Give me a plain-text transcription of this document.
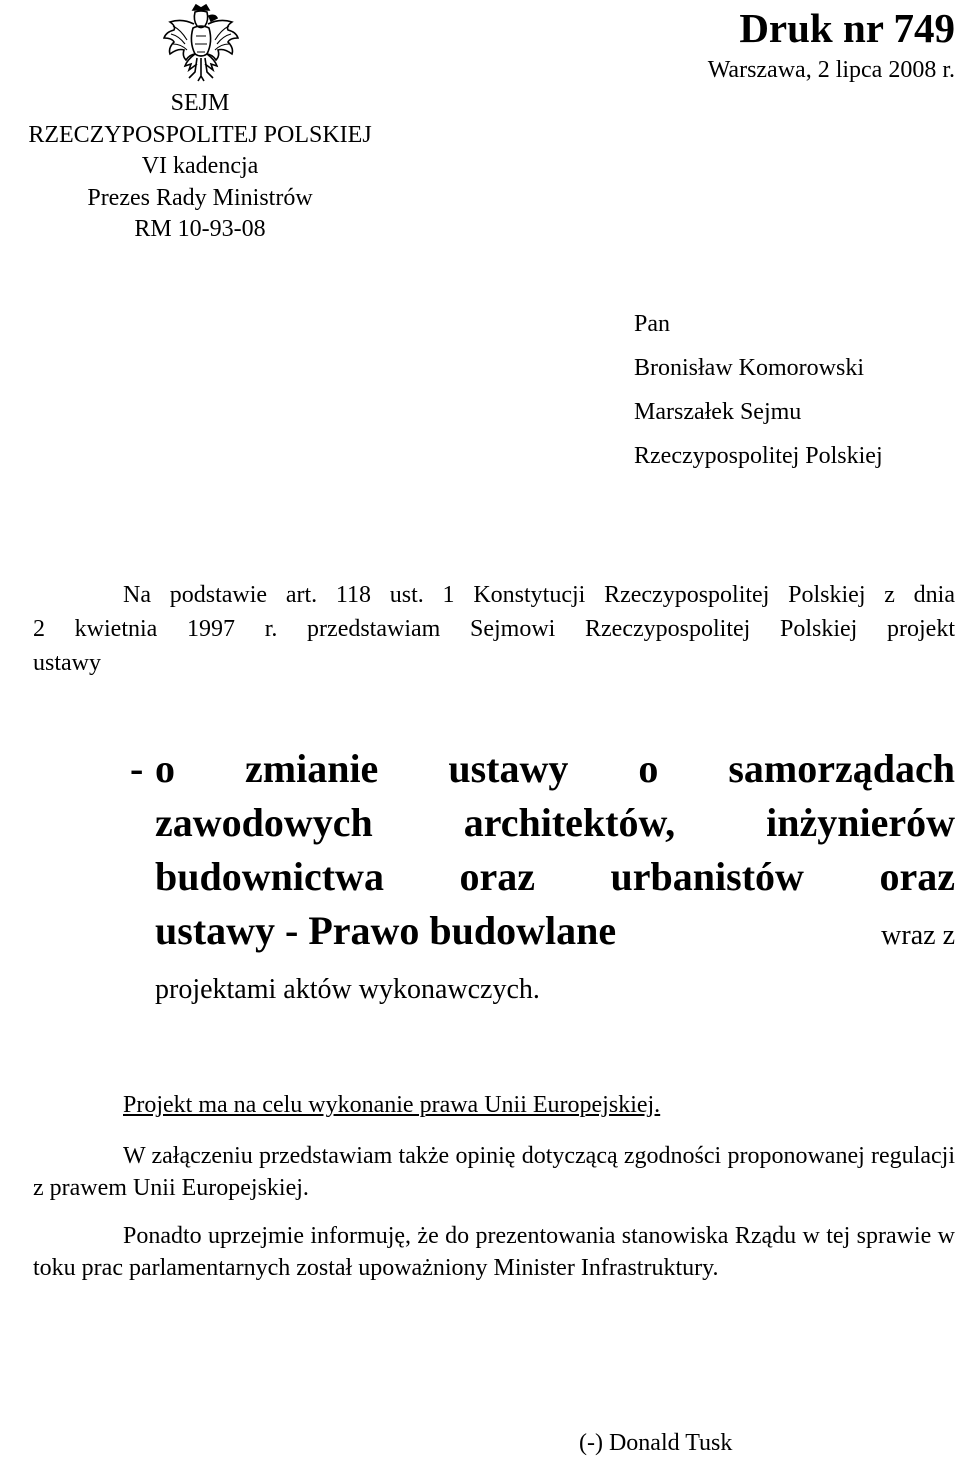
SEJM
RZECZYPOSPOLITEJ POLSKIEJ
VI kadencja
Prezes Rady Ministrów
RM 10-93-08
Druk nr 749
Warszawa, 2 lipca 2008 r.
Pan
Bronisław Komorowski
Marszałek Sejmu
Rzeczypospolitej Polskiej
Na podstawie art. 118 ust. 1 Konstytucji Rzeczypospolitej Polskiej z dnia
2 kwietnia 1997 r. przedstawiam Sejmowi Rzeczypospolitej Polskiej projekt
ustawy
- o zmianie ustawy o samorządach
zawodowych architektów, inżynierów
budownictwa oraz urbanistów oraz
ustawy - Prawo budowlane	wraz z
projektami aktów wykonawczych.
Projekt ma na celu wykonanie prawa Unii Europejskiej.
W załączeniu przedstawiam także opinię dotyczącą zgodności proponowanej regulacji z prawem Unii Europejskiej.
Ponadto uprzejmie informuję, że do prezentowania stanowiska Rządu w tej sprawie w toku prac parlamentarnych został upoważniony Minister Infrastruktury.
(-) Donald Tusk
